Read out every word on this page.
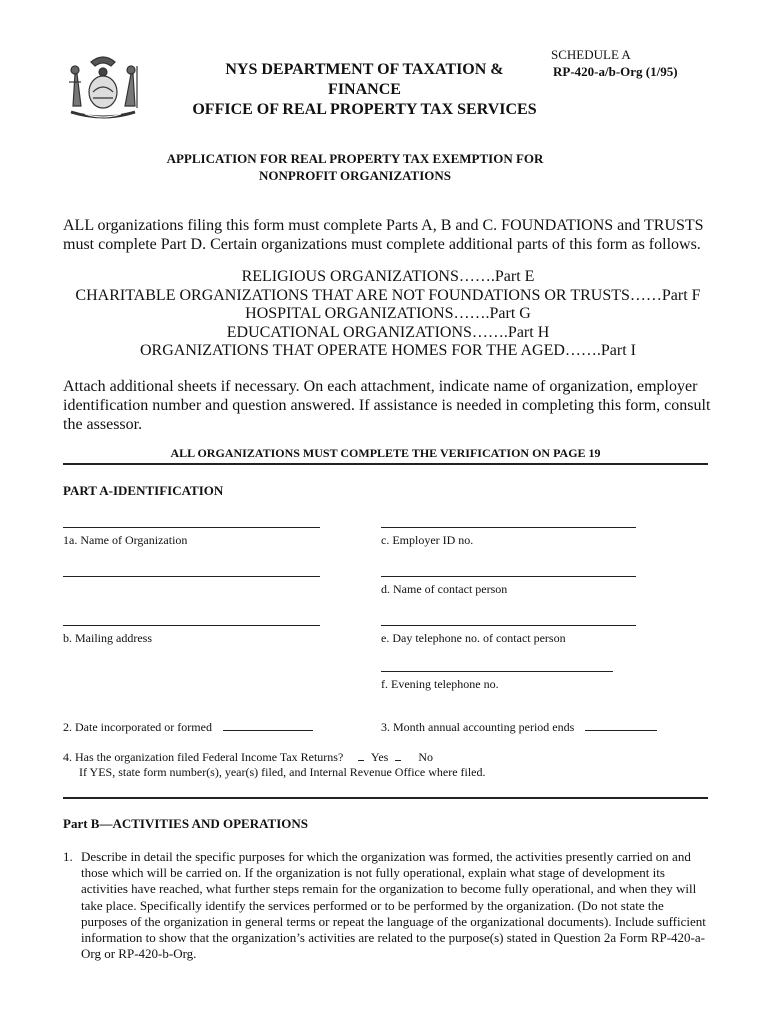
SCHEDULE A
RP-420-a/b-Org (1/95)
NYS DEPARTMENT OF TAXATION & FINANCE
OFFICE OF REAL PROPERTY TAX SERVICES
APPLICATION FOR REAL PROPERTY TAX EXEMPTION FOR
NONPROFIT ORGANIZATIONS
ALL organizations filing this form must complete Parts A, B and C. FOUNDATIONS and TRUSTS must complete Part D. Certain organizations must complete additional parts of this form as follows.
RELIGIOUS ORGANIZATIONS…….Part E
CHARITABLE ORGANIZATIONS THAT ARE NOT FOUNDATIONS OR TRUSTS……Part F
HOSPITAL ORGANIZATIONS…….Part G
EDUCATIONAL ORGANIZATIONS…….Part H
ORGANIZATIONS THAT OPERATE HOMES FOR THE AGED…….Part I
Attach additional sheets if necessary. On each attachment, indicate name of organization, employer identification number and question answered. If assistance is needed in completing this form, consult the assessor.
ALL ORGANIZATIONS MUST COMPLETE THE VERIFICATION ON PAGE 19
PART A-IDENTIFICATION
1a. Name of Organization	c. Employer ID no.
d. Name of contact person
b. Mailing address	e. Day telephone no. of contact person
f. Evening telephone no.
2. Date incorporated or formed	3. Month annual accounting period ends
4. Has the organization filed Federal Income Tax Returns? Yes	No
If YES, state form number(s), year(s) filed, and Internal Revenue Office where filed.
Part B—ACTIVITIES AND OPERATIONS
1. Describe in detail the specific purposes for which the organization was formed, the activities presently carried on and those which will be carried on. If the organization is not fully operational, explain what stage of development its activities have reached, what further steps remain for the organization to become fully operational, and when they will take place. Specifically identify the services performed or to be performed by the organization. (Do not state the purposes of the organization in general terms or repeat the language of the organizational documents). Include sufficient information to show that the organization’s activities are related to the purpose(s) stated in Question 2a Form RP-420-a-Org or RP-420-b-Org.
